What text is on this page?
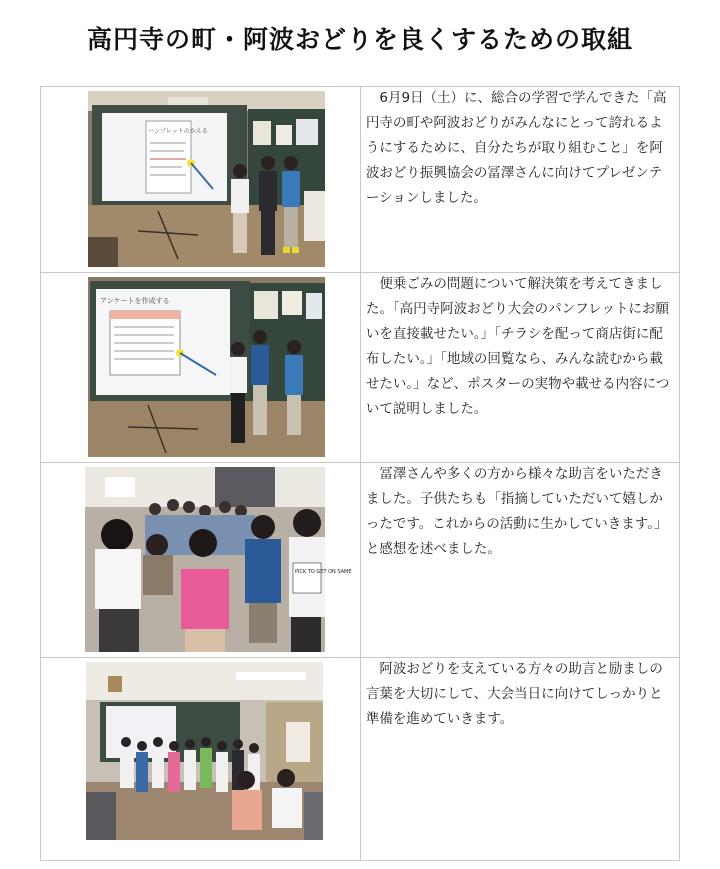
高円寺の町・阿波おどりを良くするための取組
ハンプレットのかえる	　6月9日（土）に、総合の学習で学んできた「高円寺の町や阿波おどりがみんなにとって誇れるようにするために、自分たちが取り組むこと」を阿波おどり振興協会の冨澤さんに向けてプレゼンテーションしました。

アンケートを作成する	　便乗ごみの問題について解決策を考えてきました。「高円寺阿波おどり大会のパンフレットにお願いを直接載せたい。」「チラシを配って商店街に配布したい。」「地域の回覧なら、みんな読むから載せたい。」など、ポスターの実物や載せる内容について説明しました。

PICK TO GET ON SAME	　冨澤さんや多くの方から様々な助言をいただきました。子供たちも「指摘していただいて嬉しかったです。これからの活動に生かしていきます。」と感想を述べました。

　阿波おどりを支えている方々の助言と励ましの言葉を大切にして、大会当日に向けてしっかりと準備を進めていきます。
